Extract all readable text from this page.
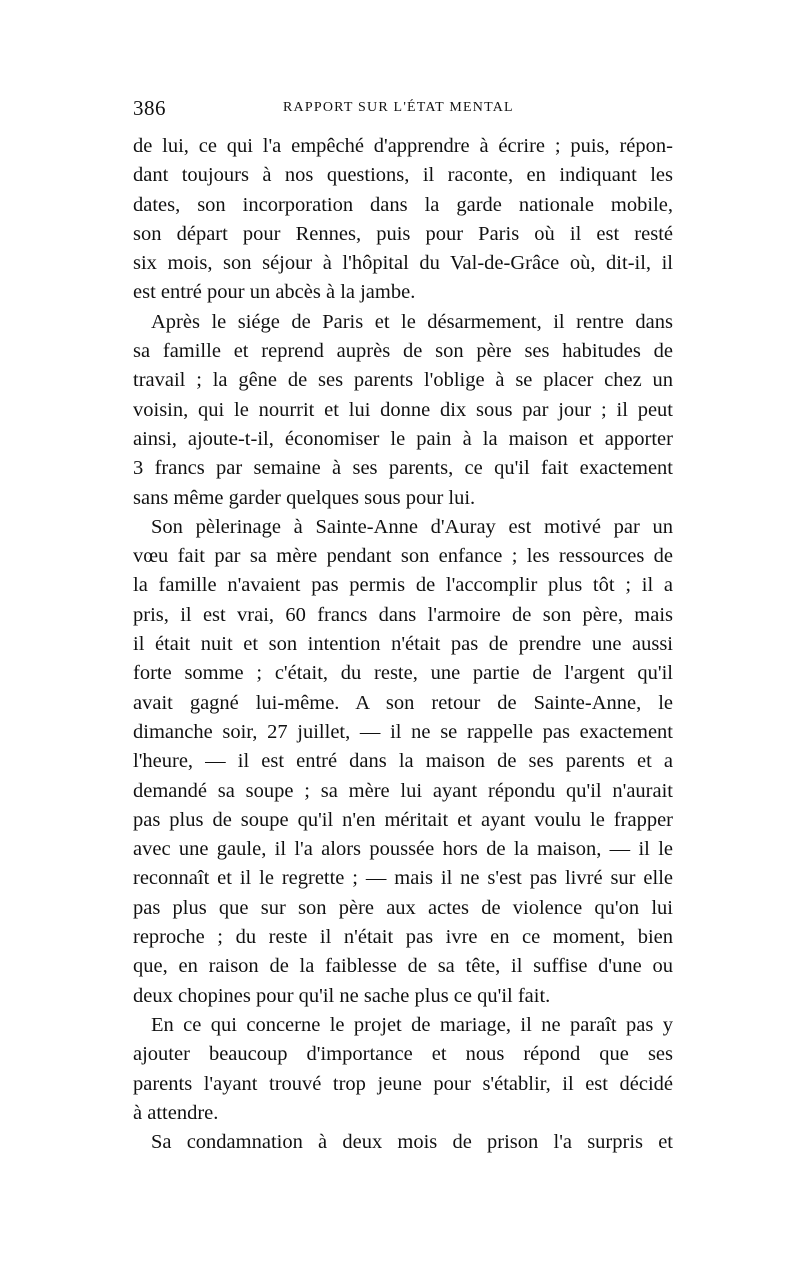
386	RAPPORT SUR L'ÉTAT MENTAL
de lui, ce qui l'a empêché d'apprendre à écrire ; puis, répon-
dant toujours à nos questions, il raconte, en indiquant les
dates, son incorporation dans la garde nationale mobile,
son départ pour Rennes, puis pour Paris où il est resté
six mois, son séjour à l'hôpital du Val-de-Grâce où, dit-il, il
est entré pour un abcès à la jambe.
Après le siége de Paris et le désarmement, il rentre dans
sa famille et reprend auprès de son père ses habitudes de
travail ; la gêne de ses parents l'oblige à se placer chez un
voisin, qui le nourrit et lui donne dix sous par jour ; il peut
ainsi, ajoute-t-il, économiser le pain à la maison et apporter
3 francs par semaine à ses parents, ce qu'il fait exactement
sans même garder quelques sous pour lui.
Son pèlerinage à Sainte-Anne d'Auray est motivé par un
vœu fait par sa mère pendant son enfance ; les ressources de
la famille n'avaient pas permis de l'accomplir plus tôt ; il a
pris, il est vrai, 60 francs dans l'armoire de son père, mais
il était nuit et son intention n'était pas de prendre une aussi
forte somme ; c'était, du reste, une partie de l'argent qu'il
avait gagné lui-même. A son retour de Sainte-Anne, le
dimanche soir, 27 juillet, — il ne se rappelle pas exactement
l'heure, — il est entré dans la maison de ses parents et a
demandé sa soupe ; sa mère lui ayant répondu qu'il n'aurait
pas plus de soupe qu'il n'en méritait et ayant voulu le frapper
avec une gaule, il l'a alors poussée hors de la maison, — il le
reconnaît et il le regrette ; — mais il ne s'est pas livré sur elle
pas plus que sur son père aux actes de violence qu'on lui
reproche ; du reste il n'était pas ivre en ce moment, bien
que, en raison de la faiblesse de sa tête, il suffise d'une ou
deux chopines pour qu'il ne sache plus ce qu'il fait.
En ce qui concerne le projet de mariage, il ne paraît pas y
ajouter beaucoup d'importance et nous répond que ses
parents l'ayant trouvé trop jeune pour s'établir, il est décidé
à attendre.
Sa condamnation à deux mois de prison l'a surpris et
